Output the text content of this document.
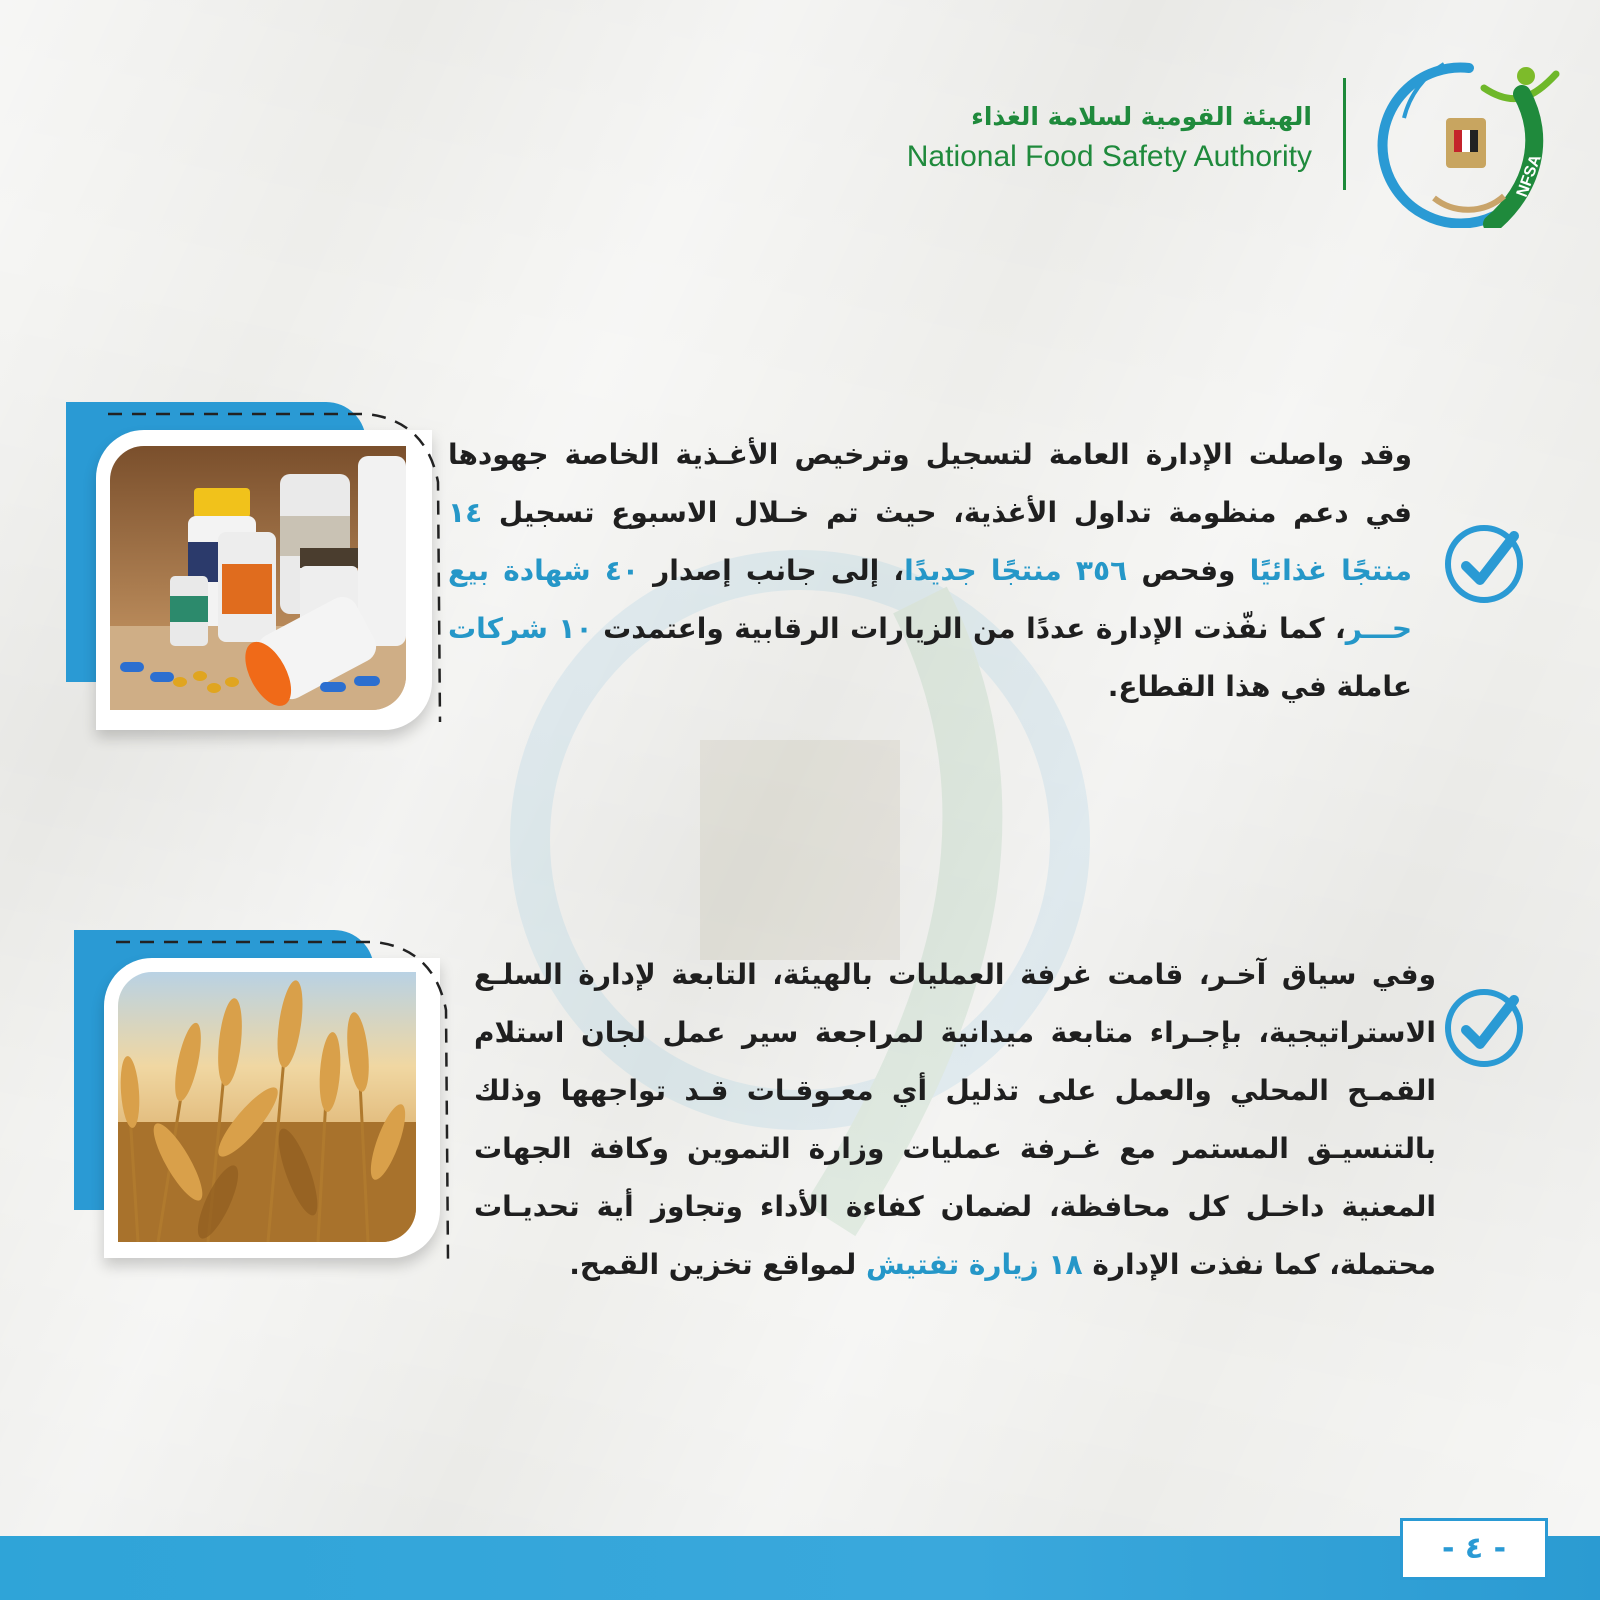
الهيئة القومية لسلامة الغذاء
National Food Safety Authority	NFSA
وقد واصلت الإدارة العامة لتسجيل وترخيص الأغـذية الخاصة جهودها في دعم منظومة تداول الأغذية، حيث تم خـلال الاسبوع تسجيل ١٤ منتجًا غذائيًا وفحص ٣٥٦ منتجًا جديدًا، إلى جانب إصدار ٤٠ شهادة بيع حـــر، كما نفّذت الإدارة عددًا من الزيارات الرقابية واعتمدت ١٠ شركات عاملة في هذا القطاع.
وفي سياق آخـر، قامت غرفة العمليات بالهيئة، التابعة لإدارة السلـع الاستراتيجية، بإجـراء متابعة ميدانية لمراجعة سير عمل لجان استلام القمـح المحلي والعمل على تذليل أي معـوقـات قـد تواجهها وذلك بالتنسيـق المستمر مع غـرفة عمليات وزارة التموين وكافة الجهات المعنية داخـل كل محافظة، لضمان كفاءة الأداء وتجاوز أية تحديـات محتملة، كما نفذت الإدارة ١٨ زيارة تفتيش لمواقع تخزين القمح.
- ٤ -
